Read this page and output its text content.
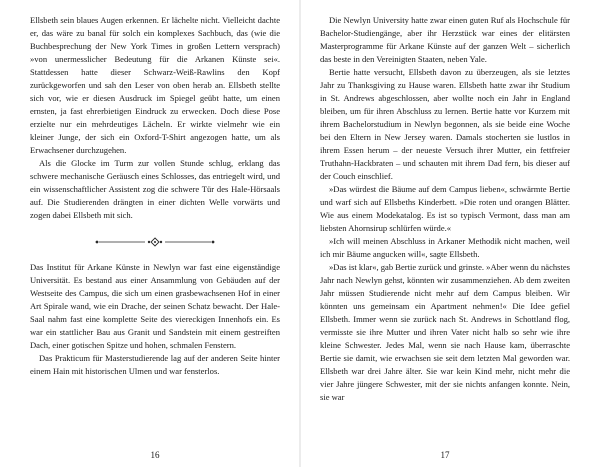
Ellsbeth sein blaues Augen erkennen. Er lächelte nicht. Vielleicht dachte er, das wäre zu banal für solch ein komplexes Sachbuch, das (wie die Buchbesprechung der New York Times in großen Lettern versprach) »von unermesslicher Bedeutung für die Arkanen Künste sei«. Stattdessen hatte dieser Schwarz-Weiß-Rawlins den Kopf zurückgeworfen und sah den Leser von oben herab an. Ellsbeth stellte sich vor, wie er diesen Ausdruck im Spiegel geübt hatte, um einen ernsten, ja fast ehrerbietigen Eindruck zu erwecken. Doch diese Pose erzielte nur ein mehrdeutiges Lächeln. Er wirkte vielmehr wie ein kleiner Junge, der sich ein Oxford-T-Shirt angezogen hatte, um als Erwachsener durchzugehen.

Als die Glocke im Turm zur vollen Stunde schlug, erklang das schwere mechanische Geräusch eines Schlosses, das entriegelt wird, und ein wissenschaftlicher Assistent zog die schwere Tür des Hale-Hörsaals auf. Die Studierenden drängten in einer dichten Welle vorwärts und zogen dabei Ellsbeth mit sich.

Das Institut für Arkane Künste in Newlyn war fast eine eigenständige Universität. Es bestand aus einer Ansammlung von Gebäuden auf der Westseite des Campus, die sich um einen grasbewachsenen Hof in einer Art Spirale wand, wie ein Drache, der seinen Schatz bewacht. Der Hale-Saal nahm fast eine komplette Seite des viereckigen Innenhofs ein. Es war ein stattlicher Bau aus Granit und Sandstein mit einem gestreiften Dach, einer gotischen Spitze und hohen, schmalen Fenstern.

Das Prakticum für Masterstudierende lag auf der anderen Seite hinter einem Hain mit historischen Ulmen und war fensterlos.

16

Die Newlyn University hatte zwar einen guten Ruf als Hochschule für Bachelor-Studiengänge, aber ihr Herzstück war eines der elitärsten Masterprogramme für Arkane Künste auf der ganzen Welt – sicherlich das beste in den Vereinigten Staaten, neben Yale.

Bertie hatte versucht, Ellsbeth davon zu überzeugen, als sie letztes Jahr zu Thanksgiving zu Hause waren. Ellsbeth hatte zwar ihr Studium in St. Andrews abgeschlossen, aber wollte noch ein Jahr in England bleiben, um für ihren Abschluss zu lernen. Bertie hatte vor Kurzem mit ihrem Bachelorstudium in Newlyn begonnen, als sie beide eine Woche bei den Eltern in New Jersey waren. Damals stocherten sie lustlos in ihrem Essen herum – der neueste Versuch ihrer Mutter, ein fettfreier Truthahn-Hackbraten – und schauten mit ihrem Dad fern, bis dieser auf der Couch einschlief.

»Das würdest die Bäume auf dem Campus lieben«, schwärmte Bertie und warf sich auf Ellsbeths Kinderbett. »Die roten und orangen Blätter. Wie aus einem Modekatalog. Es ist so typisch Vermont, dass man am liebsten Ahornsirup schlürfen würde.«

»Ich will meinen Abschluss in Arkaner Methodik nicht machen, weil ich mir Bäume angucken will«, sagte Ellsbeth.

»Das ist klar«, gab Bertie zurück und grinste. »Aber wenn du nächstes Jahr nach Newlyn gehst, könnten wir zusammenziehen. Ab dem zweiten Jahr müssen Studierende nicht mehr auf dem Campus bleiben. Wir könnten uns gemeinsam ein Apartment nehmen!« Die Idee gefiel Ellsbeth. Immer wenn sie zurück nach St. Andrews in Schottland flog, vermisste sie ihre Mutter und ihren Vater nicht halb so sehr wie ihre kleine Schwester. Jedes Mal, wenn sie nach Hause kam, überraschte Bertie sie damit, wie erwachsen sie seit dem letzten Mal geworden war. Ellsbeth war drei Jahre älter. Sie war kein Kind mehr, nicht mehr die vier Jahre jüngere Schwester, mit der sie nichts anfangen konnte. Nein, sie war

17
